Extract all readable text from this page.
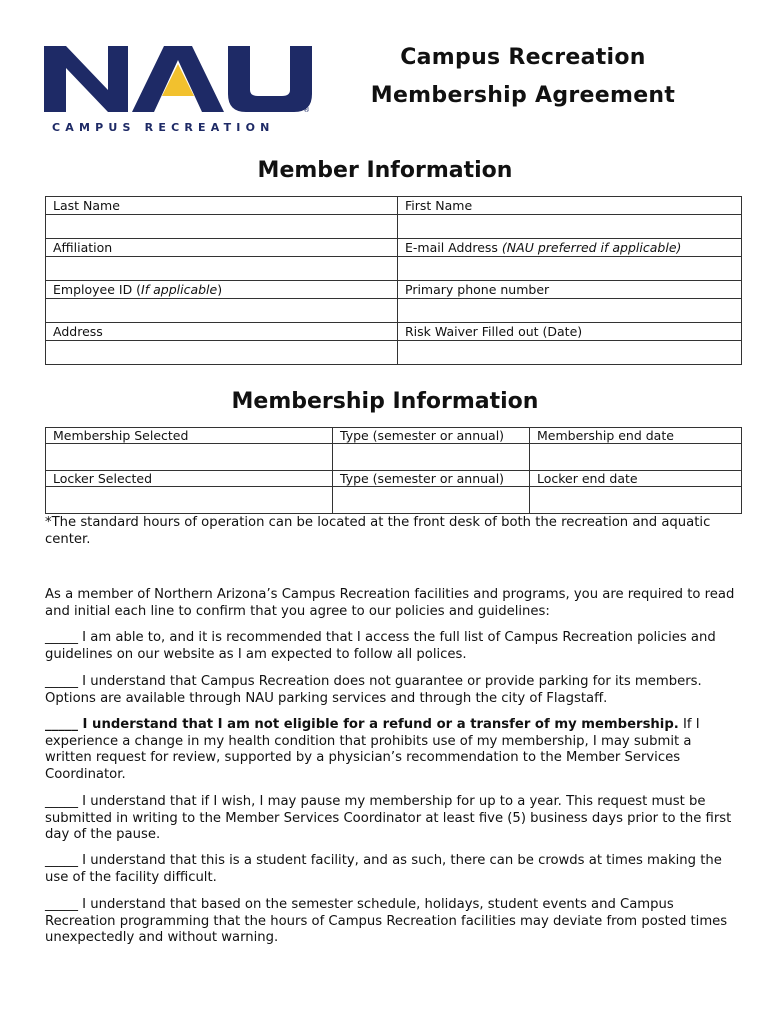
®
CAMPUS RECREATION
Campus Recreation
Membership Agreement
Member Information
Last Name	First Name

Affiliation	E-mail Address (NAU preferred if applicable)

Employee ID (If applicable)	Primary phone number

Address	Risk Waiver Filled out (Date)

Membership Information
Membership Selected	Type (semester or annual)	Membership end date

Locker Selected	Type (semester or annual)	Locker end date

*The standard hours of operation can be located at the front desk of both the recreation and aquatic center.
As a member of Northern Arizona’s Campus Recreation facilities and programs, you are required to read and initial each line to confirm that you agree to our policies and guidelines:
_____ I am able to, and it is recommended that I access the full list of Campus Recreation policies and guidelines on our website as I am expected to follow all polices.
_____ I understand that Campus Recreation does not guarantee or provide parking for its members. Options are available through NAU parking services and through the city of Flagstaff.
_____ I understand that I am not eligible for a refund or a transfer of my membership. If I experience a change in my health condition that prohibits use of my membership, I may submit a written request for review, supported by a physician’s recommendation to the Member Services Coordinator.
_____ I understand that if I wish, I may pause my membership for up to a year. This request must be submitted in writing to the Member Services Coordinator at least five (5) business days prior to the first day of the pause.
_____ I understand that this is a student facility, and as such, there can be crowds at times making the use of the facility difficult.
_____ I understand that based on the semester schedule, holidays, student events and Campus Recreation programming that the hours of Campus Recreation facilities may deviate from posted times unexpectedly and without warning.
